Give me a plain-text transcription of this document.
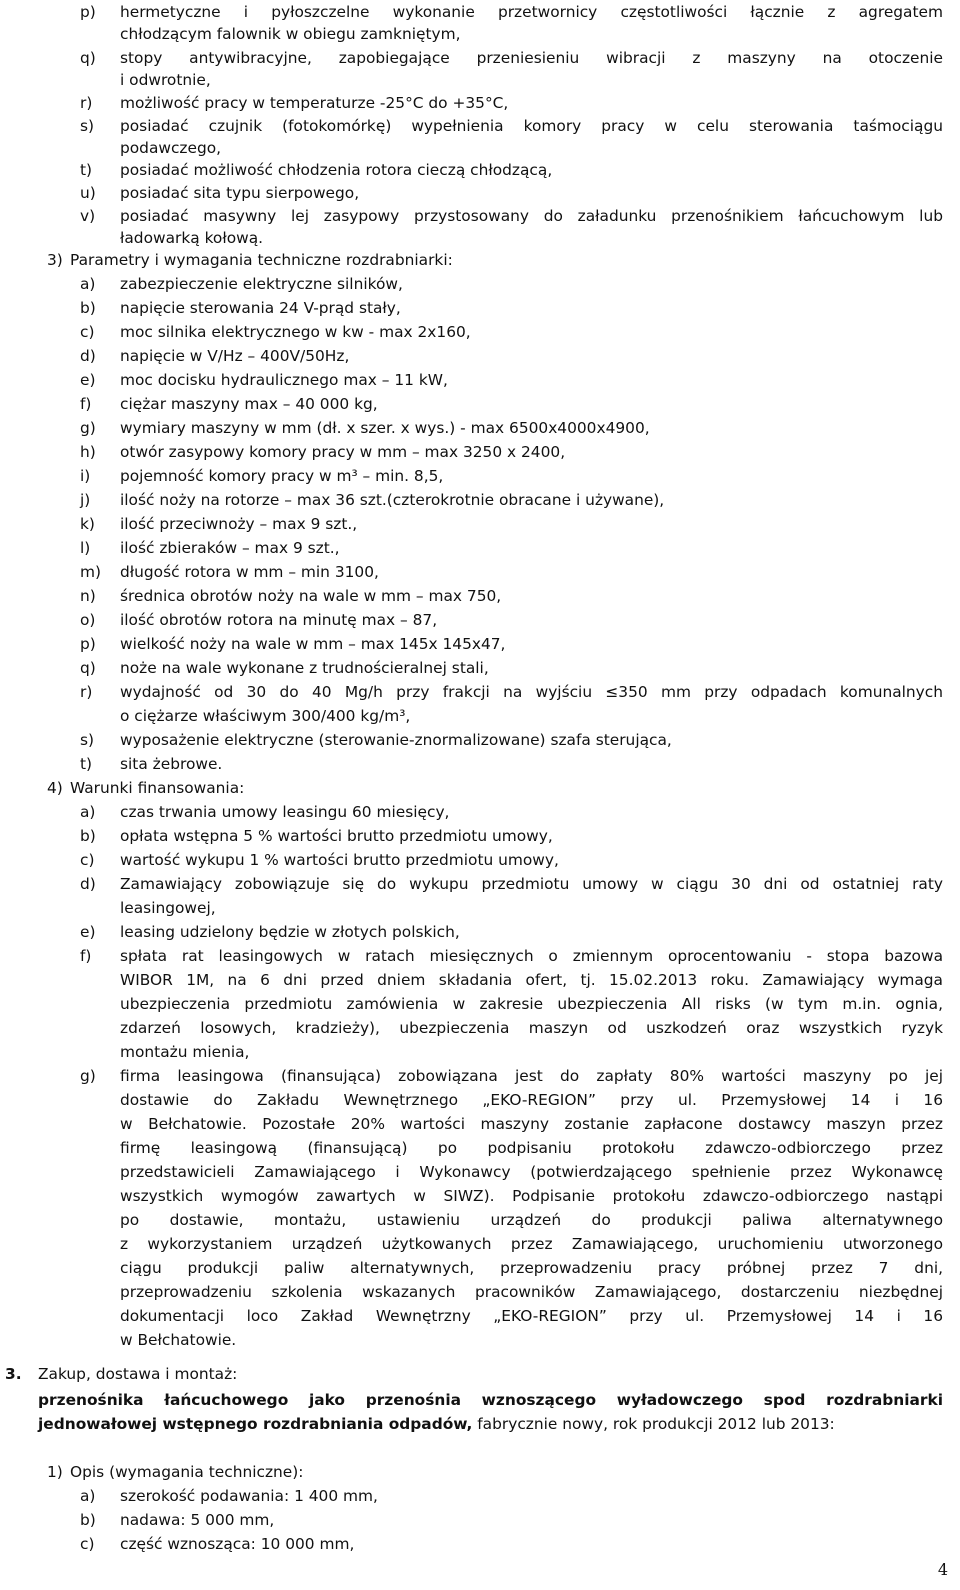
p) hermetyczne i pyłoszczelne wykonanie przetwornicy częstotliwości łącznie z agregatem
chłodzącym falownik w obiegu zamkniętym,
q) stopy antywibracyjne, zapobiegające przeniesieniu wibracji z maszyny na otoczenie
i odwrotnie,
r) możliwość pracy w temperaturze -25°C do +35°C,
s) posiadać czujnik (fotokomórkę) wypełnienia komory pracy w celu sterowania taśmociągu
podawczego,
t) posiadać możliwość chłodzenia rotora cieczą chłodzącą,
u) posiadać sita typu sierpowego,
v) posiadać masywny lej zasypowy przystosowany do załadunku przenośnikiem łańcuchowym lub
ładowarką kołową.
3) Parametry i wymagania techniczne rozdrabniarki:
a) zabezpieczenie elektryczne silników,
b) napięcie sterowania 24 V-prąd stały,
c) moc silnika elektrycznego w kw - max 2x160,
d) napięcie w V/Hz – 400V/50Hz,
e) moc docisku hydraulicznego max – 11 kW,
f) ciężar maszyny max – 40 000 kg,
g) wymiary maszyny w mm (dł. x szer. x wys.) - max 6500x4000x4900,
h) otwór zasypowy komory pracy w mm – max 3250 x 2400,
i) pojemność komory pracy w m³ – min. 8,5,
j) ilość noży na rotorze – max 36 szt.(czterokrotnie obracane i używane),
k) ilość przeciwnoży – max 9 szt.,
l) ilość zbieraków – max 9 szt.,
m) długość rotora w mm – min 3100,
n) średnica obrotów noży na wale w mm – max 750,
o) ilość obrotów rotora na minutę max – 87,
p) wielkość noży na wale w mm – max 145x 145x47,
q) noże na wale wykonane z trudnościeralnej stali,
r) wydajność od 30 do 40 Mg/h przy frakcji na wyjściu ≤350 mm przy odpadach komunalnych
o ciężarze właściwym 300/400 kg/m³,
s) wyposażenie elektryczne (sterowanie-znormalizowane) szafa sterująca,
t) sita żebrowe.
4) Warunki finansowania:
a) czas trwania umowy leasingu 60 miesięcy,
b) opłata wstępna 5 % wartości brutto przedmiotu umowy,
c) wartość wykupu 1 % wartości brutto przedmiotu umowy,
d) Zamawiający zobowiązuje się do wykupu przedmiotu umowy w ciągu 30 dni od ostatniej raty
leasingowej,
e) leasing udzielony będzie w złotych polskich,
f) spłata rat leasingowych w ratach miesięcznych o zmiennym oprocentowaniu - stopa bazowa
WIBOR 1M, na 6 dni przed dniem składania ofert, tj. 15.02.2013 roku. Zamawiający wymaga
ubezpieczenia przedmiotu zamówienia w zakresie ubezpieczenia All risks (w tym m.in. ognia,
zdarzeń losowych, kradzieży), ubezpieczenia maszyn od uszkodzeń oraz wszystkich ryzyk
montażu mienia,
g) firma leasingowa (finansująca) zobowiązana jest do zapłaty 80% wartości maszyny po jej
dostawie do Zakładu Wewnętrznego „EKO-REGION” przy ul. Przemysłowej 14 i 16
w Bełchatowie. Pozostałe 20% wartości maszyny zostanie zapłacone dostawcy maszyn przez
firmę leasingową (finansującą) po podpisaniu protokołu zdawczo-odbiorczego przez
przedstawicieli Zamawiającego i Wykonawcy (potwierdzającego spełnienie przez Wykonawcę
wszystkich wymogów zawartych w SIWZ). Podpisanie protokołu zdawczo-odbiorczego nastąpi
po dostawie, montażu, ustawieniu urządzeń do produkcji paliwa alternatywnego
z wykorzystaniem urządzeń użytkowanych przez Zamawiającego, uruchomieniu utworzonego
ciągu produkcji paliw alternatywnych, przeprowadzeniu pracy próbnej przez 7 dni,
przeprowadzeniu szkolenia wskazanych pracowników Zamawiającego, dostarczeniu niezbędnej
dokumentacji loco Zakład Wewnętrzny „EKO-REGION” przy ul. Przemysłowej 14 i 16
w Bełchatowie.
3. Zakup, dostawa i montaż:
przenośnika łańcuchowego jako przenośnia wznoszącego wyładowczego spod rozdrabniarki
jednowałowej wstępnego rozdrabniania odpadów, fabrycznie nowy, rok produkcji 2012 lub 2013:
1) Opis (wymagania techniczne):
a) szerokość podawania: 1 400 mm,
b) nadawa: 5 000 mm,
c) część wznosząca: 10 000 mm,
4
